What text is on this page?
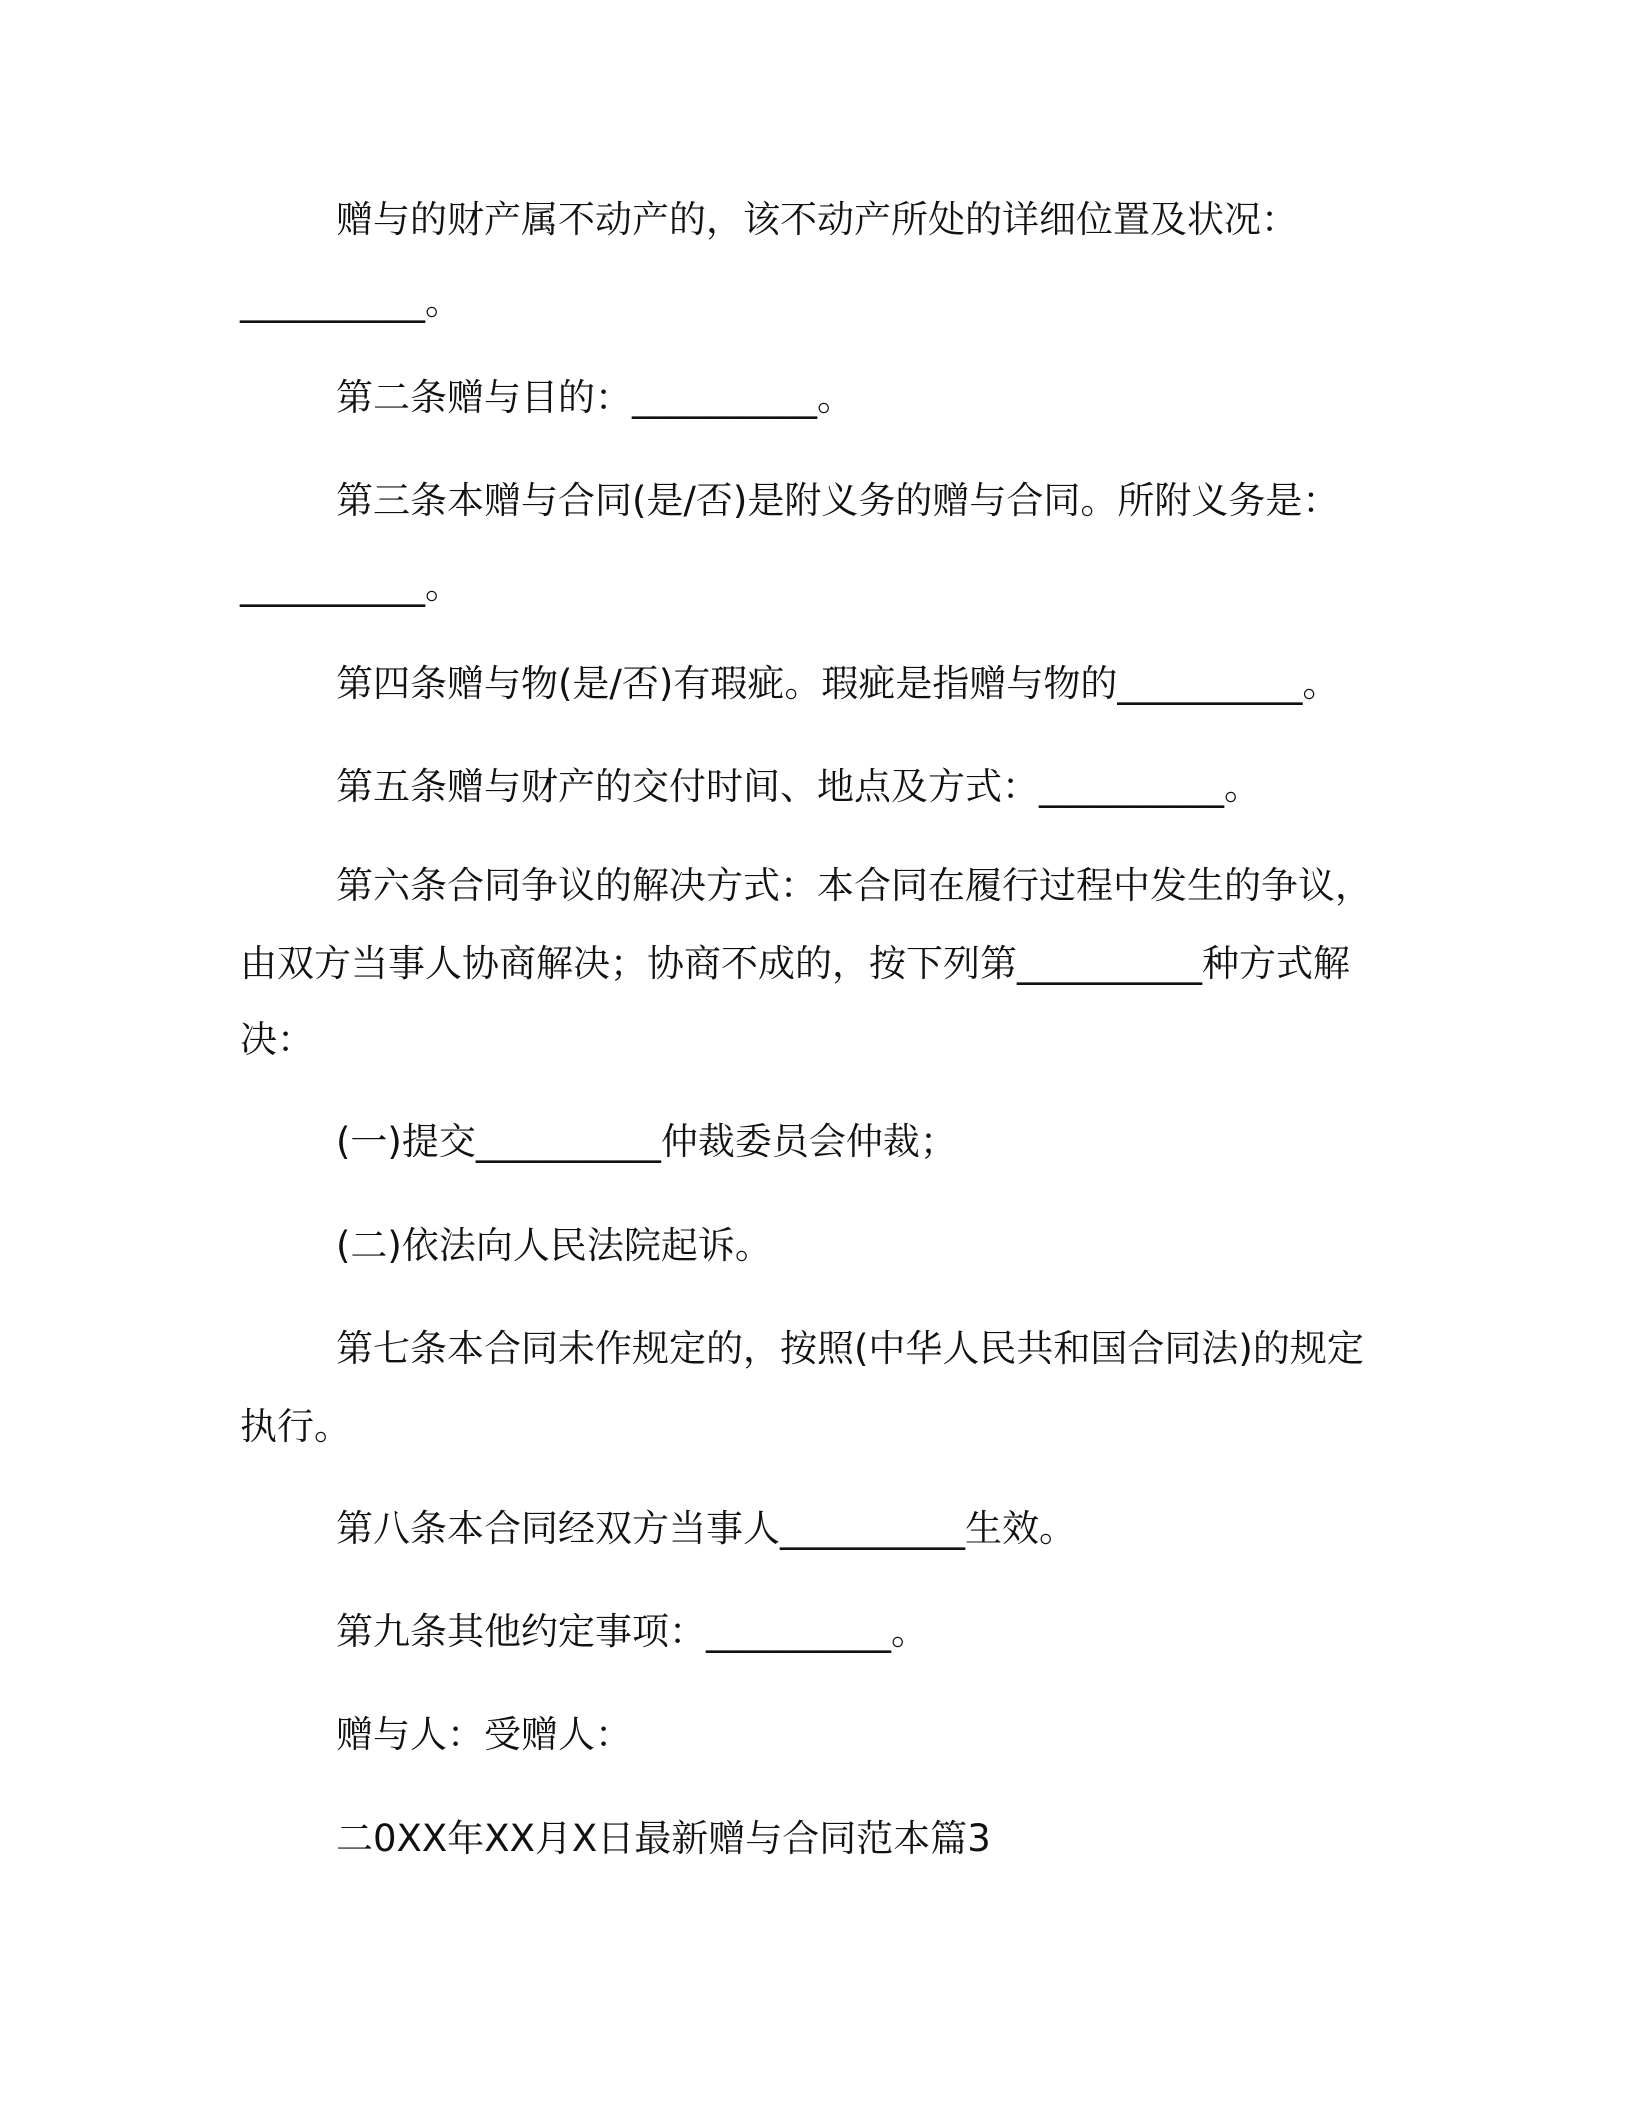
赠与的财产属不动产的，该不动产所处的详细位置及状况：
__________。
第二条赠与目的：__________。
第三条本赠与合同(是/否)是附义务的赠与合同。所附义务是：
__________。
第四条赠与物(是/否)有瑕疵。瑕疵是指赠与物的__________。
第五条赠与财产的交付时间、地点及方式：__________。
第六条合同争议的解决方式：本合同在履行过程中发生的争议，
由双方当事人协商解决；协商不成的，按下列第__________种方式解
决：
(一)提交__________仲裁委员会仲裁；
(二)依法向人民法院起诉。
第七条本合同未作规定的，按照(中华人民共和国合同法)的规定
执行。
第八条本合同经双方当事人__________生效。
第九条其他约定事项：__________。
赠与人：受赠人：
二0XX年XX月X日最新赠与合同范本篇3
